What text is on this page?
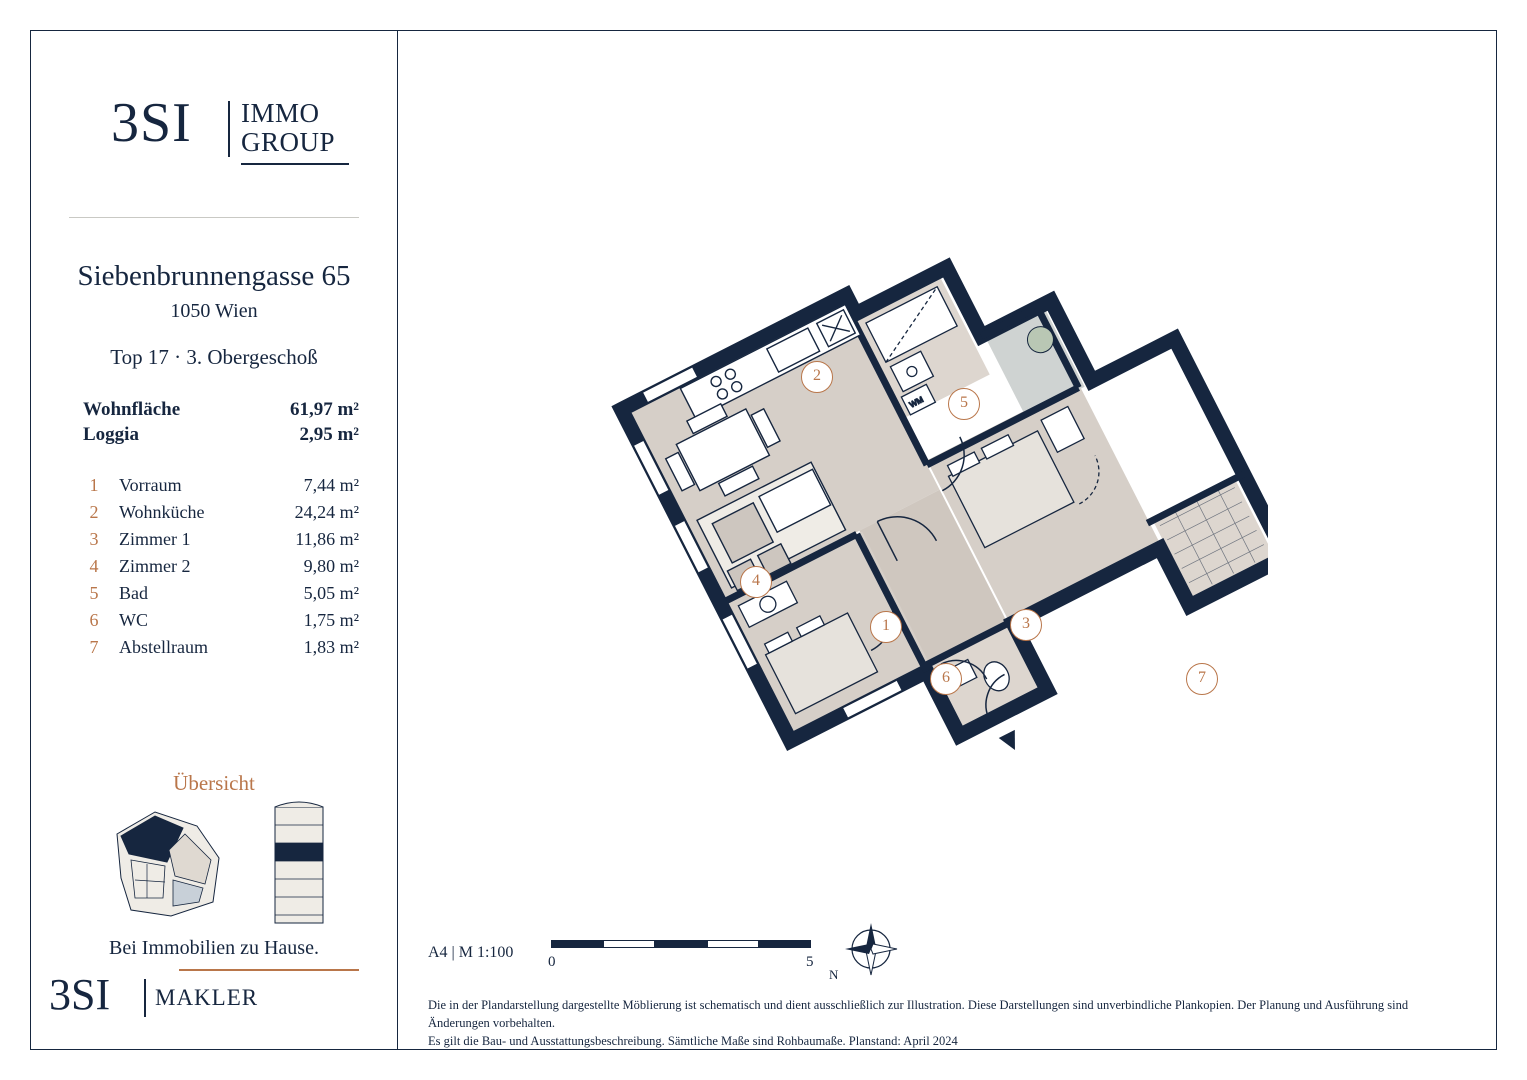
3SI IMMO
GROUP
Siebenbrunnengasse 65
1050 Wien
Top 17 · 3. Obergeschoß
Wohnfläche	61,97 m²
Loggia	2,95 m²
1	Vorraum	7,44 m²
2	Wohnküche	24,24 m²
3	Zimmer 1	11,86 m²
4	Zimmer 2	9,80 m²
5	Bad	5,05 m²
6	WC	1,75 m²
7	Abstellraum	1,83 m²
Übersicht
Bei Immobilien zu Hause.
3SI MAKLER
WM
1
2
3
4
5
6	7
A4 | M 1:100
0	5
N
Die in der Plandarstellung dargestellte Möblierung ist schematisch und dient ausschließlich zur Illustration. Diese Darstellungen sind unverbindliche Plankopien. Der Planung und Ausführung sind Änderungen vorbehalten.
Es gilt die Bau- und Ausstattungsbeschreibung. Sämtliche Maße sind Rohbaumaße. Planstand: April 2024
